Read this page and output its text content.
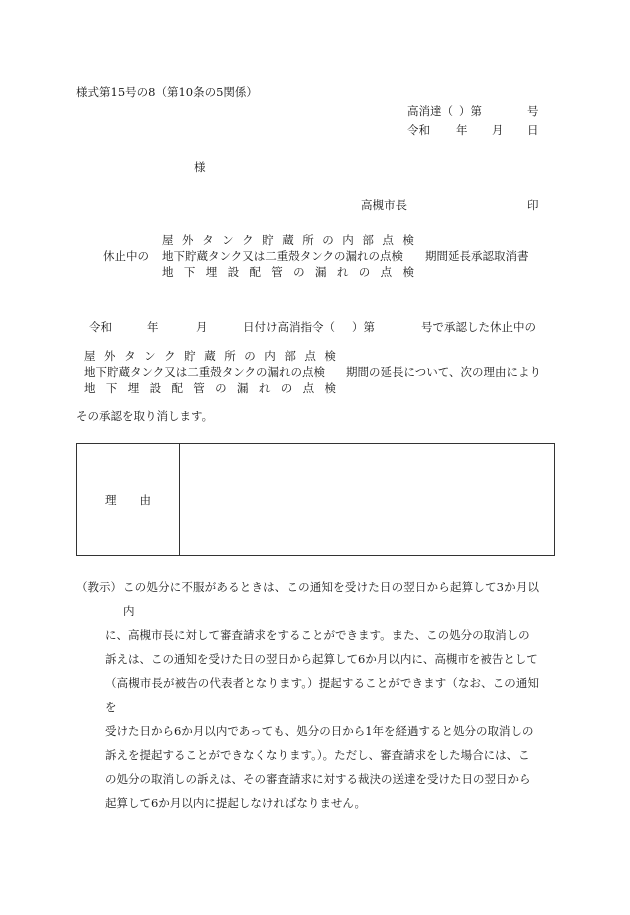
様式第15号の8（第10条の5関係）
高消達（ ）第	号
令和 年 月 日
様
高槻市長	印
休止中の
屋 外 タ ン ク 貯 蔵 所 の 内 部 点 検
地下貯蔵タンク又は二重殻タンクの漏れの点検
地 下 埋 設 配 管 の 漏 れ の 点 検
期間延長承認取消書
令和	年	月	日付け高消指令（ ）第	号で承認した休止中の
屋 外 タ ン ク 貯 蔵 所 の 内 部 点 検
地下貯蔵タンク又は二重殻タンクの漏れの点検
地 下 埋 設 配 管 の 漏 れ の 点 検
期間の延長について、次の理由により
その承認を取り消します。
理　　由
（教示） この処分に不服があるときは、この通知を受けた日の翌日から起算して3か月以内
に、高槻市長に対して審査請求をすることができます。また、この処分の取消しの
訴えは、この通知を受けた日の翌日から起算して6か月以内に、高槻市を被告として
（高槻市長が被告の代表者となります。）提起することができます（なお、この通知を
受けた日から6か月以内であっても、処分の日から1年を経過すると処分の取消しの
訴えを提起することができなくなります。）。ただし、審査請求をした場合には、こ
の処分の取消しの訴えは、その審査請求に対する裁決の送達を受けた日の翌日から
起算して6か月以内に提起しなければなりません。
